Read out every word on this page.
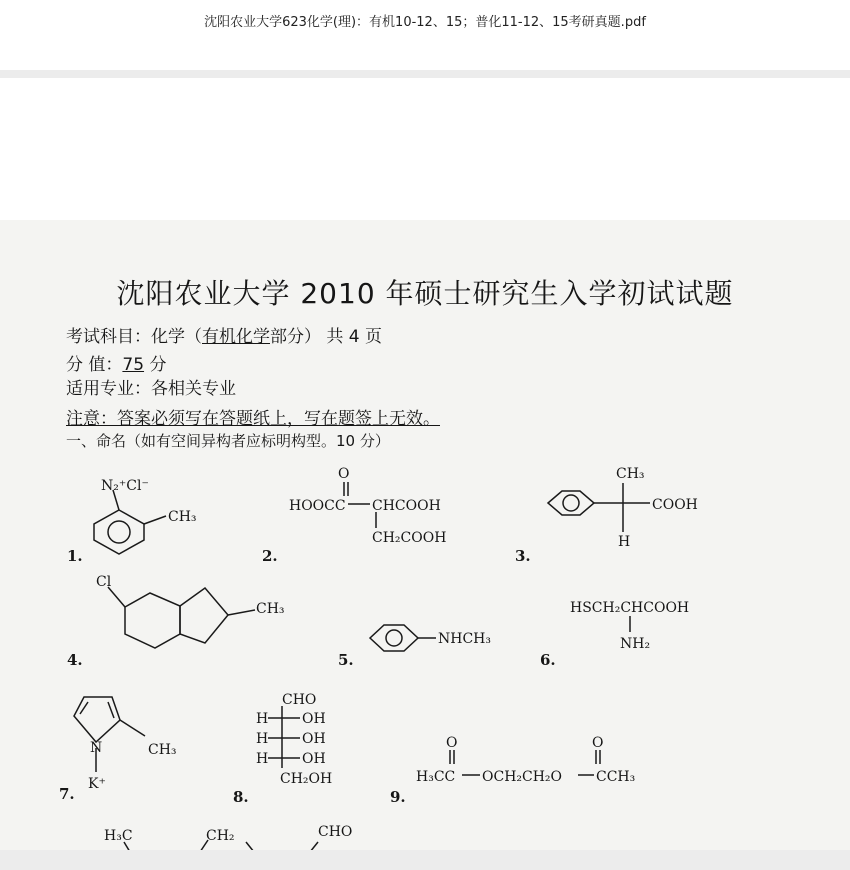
沈阳农业大学623化学(理)：有机10-12、15；普化11-12、15考研真题.pdf
沈阳农业大学 2010 年硕士研究生入学初试试题
考试科目：化学（有机化学部分） 共 4 页
分 值：75 分
适用专业：各相关专业
注意：答案必须写在答题纸上，写在题签上无效。
一、命名（如有空间异构者应标明构型。10 分）
1.	2.	3.
4.	5.	6.
7.	8.	9.
N₂⁺Cl⁻
CH₃
O
HOOCC CHCOOH
CH₂COOH
CH₃
COOH
H
Cl
CH₃
NHCH₃
HSCH₂CHCOOH
NH₂
N	CH₃
K⁺
CHO
H OH
H OH
H OH
CH₂OH
O	O
H₃CC OCH₂CH₂O CCH₃
H₃C	CH₂	CHO
